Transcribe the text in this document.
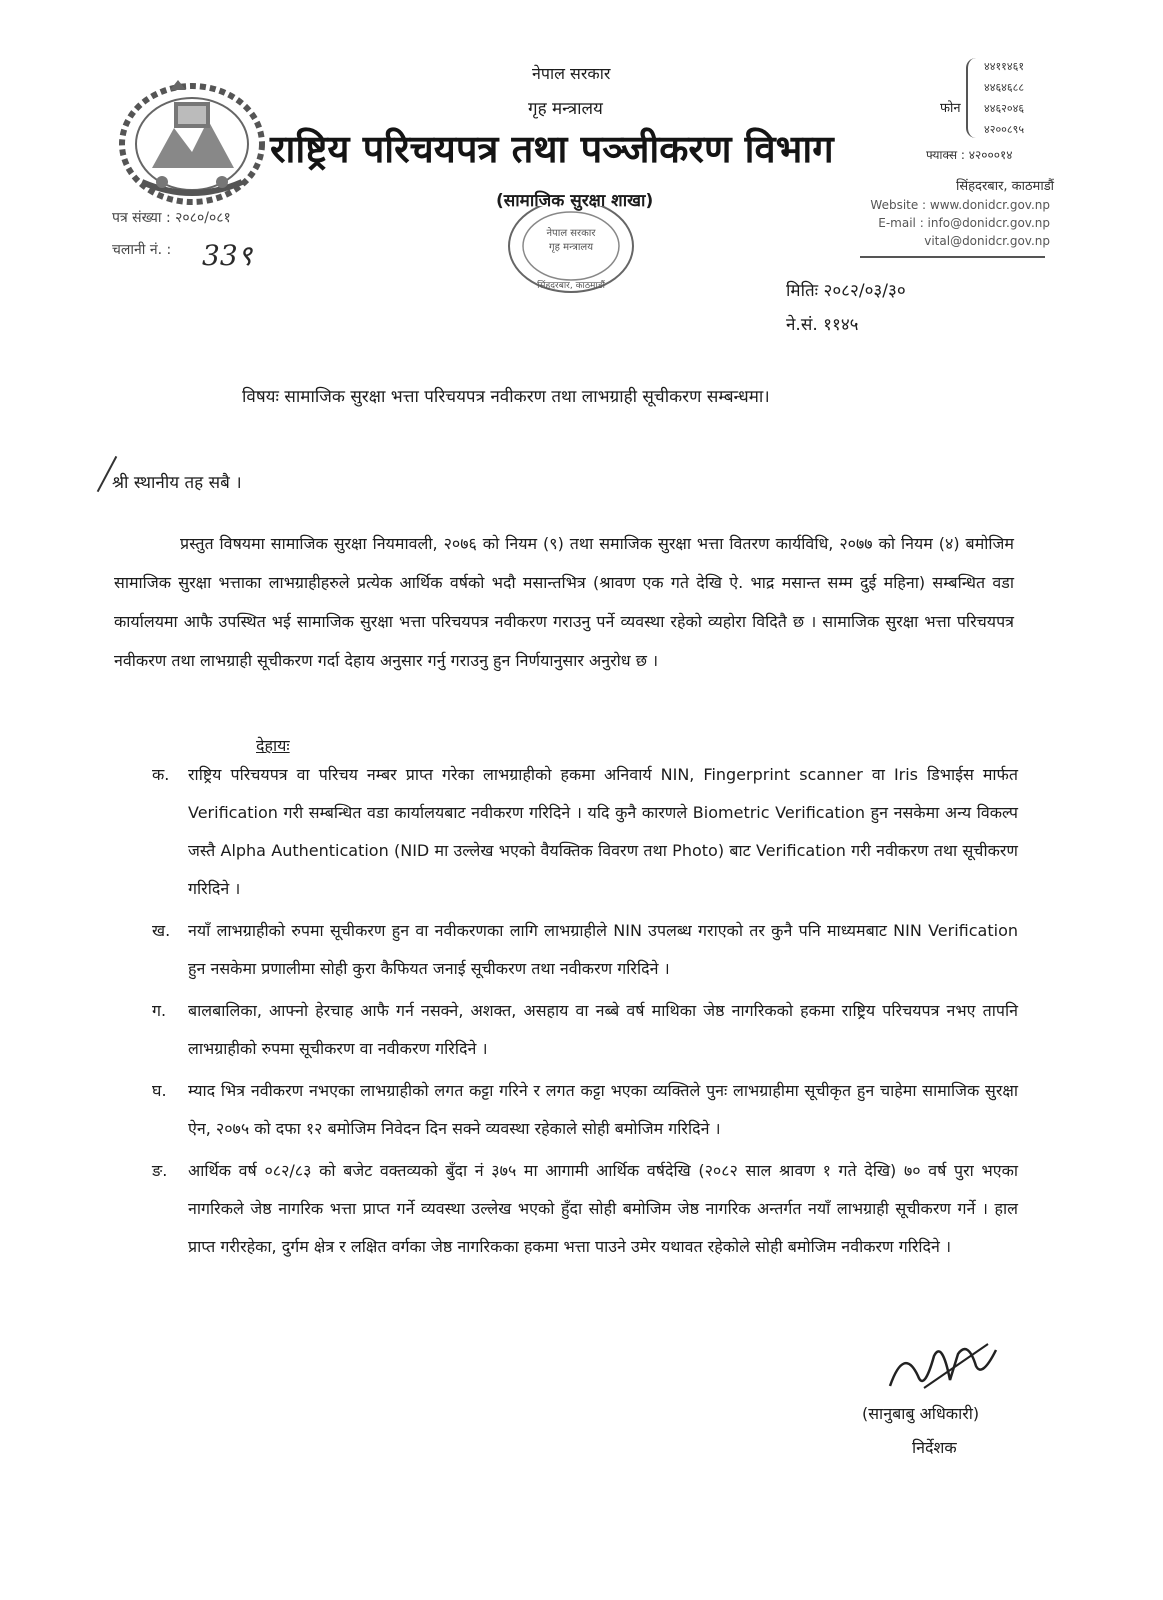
नेपाल सरकार
गृह मन्त्रालय
राष्ट्रिय परिचयपत्र तथा पञ्जीकरण विभाग
(सामाजिक सुरक्षा शाखा)
पत्र संख्या : २०८०/०८१
चलानी नं. : 33९
फोन :
४४११४६१
४४६४६८८
४४६२०४६
४२००८९५
फ्याक्स : ४२०००१४
सिंहदरबार, काठमाडौं
Website : www.donidcr.gov.np
E-mail : info@donidcr.gov.np
vital@donidcr.gov.np
नेपाल सरकार
गृह मन्त्रालय
सिंहदरबार, काठमाडौं	मितिः २०८२/०३/३०
ने.सं. ११४५
विषयः सामाजिक सुरक्षा भत्ता परिचयपत्र नवीकरण तथा लाभग्राही सूचीकरण सम्बन्धमा।
श्री स्थानीय तह सबै ।
प्रस्तुत विषयमा सामाजिक सुरक्षा नियमावली, २०७६ को नियम (९) तथा समाजिक सुरक्षा भत्ता वितरण कार्यविधि, २०७७ को नियम (४) बमोजिम सामाजिक सुरक्षा भत्ताका लाभग्राहीहरुले प्रत्येक आर्थिक वर्षको भदौ मसान्तभित्र (श्रावण एक गते देखि ऐ. भाद्र मसान्त सम्म दुई महिना) सम्बन्धित वडा कार्यालयमा आफै उपस्थित भई सामाजिक सुरक्षा भत्ता परिचयपत्र नवीकरण गराउनु पर्ने व्यवस्था रहेको व्यहोरा विदितै छ । सामाजिक सुरक्षा भत्ता परिचयपत्र नवीकरण तथा लाभग्राही सूचीकरण गर्दा देहाय अनुसार गर्नु गराउनु हुन निर्णयानुसार अनुरोध छ ।
देहायः
क.	राष्ट्रिय परिचयपत्र वा परिचय नम्बर प्राप्त गरेका लाभग्राहीको हकमा अनिवार्य NIN, Fingerprint scanner वा Iris डिभाईस मार्फत Verification गरी सम्बन्धित वडा कार्यालयबाट नवीकरण गरिदिने । यदि कुनै कारणले Biometric Verification हुन नसकेमा अन्य विकल्प जस्तै Alpha Authentication (NID मा उल्लेख भएको वैयक्तिक विवरण तथा Photo) बाट Verification गरी नवीकरण तथा सूचीकरण गरिदिने ।
ख.	नयाँ लाभग्राहीको रुपमा सूचीकरण हुन वा नवीकरणका लागि लाभग्राहीले NIN उपलब्ध गराएको तर कुनै पनि माध्यमबाट NIN Verification हुन नसकेमा प्रणालीमा सोही कुरा कैफियत जनाई सूचीकरण तथा नवीकरण गरिदिने ।
ग.	बालबालिका, आफ्नो हेरचाह आफै गर्न नसक्ने, अशक्त, असहाय वा नब्बे वर्ष माथिका जेष्ठ नागरिकको हकमा राष्ट्रिय परिचयपत्र नभए तापनि लाभग्राहीको रुपमा सूचीकरण वा नवीकरण गरिदिने ।
घ.	म्याद भित्र नवीकरण नभएका लाभग्राहीको लगत कट्टा गरिने र लगत कट्टा भएका व्यक्तिले पुनः लाभग्राहीमा सूचीकृत हुन चाहेमा सामाजिक सुरक्षा ऐन, २०७५ को दफा १२ बमोजिम निवेदन दिन सक्ने व्यवस्था रहेकाले सोही बमोजिम गरिदिने ।
ङ.	आर्थिक वर्ष ०८२/८३ को बजेट वक्तव्यको बुँदा नं ३७५ मा आगामी आर्थिक वर्षदेखि (२०८२ साल श्रावण १ गते देखि) ७० वर्ष पुरा भएका नागरिकले जेष्ठ नागरिक भत्ता प्राप्त गर्ने व्यवस्था उल्लेख भएको हुँदा सोही बमोजिम जेष्ठ नागरिक अन्तर्गत नयाँ लाभग्राही सूचीकरण गर्ने । हाल प्राप्त गरीरहेका, दुर्गम क्षेत्र र लक्षित वर्गका जेष्ठ नागरिकका हकमा भत्ता पाउने उमेर यथावत रहेकोले सोही बमोजिम नवीकरण गरिदिने ।
(सानुबाबु अधिकारी)
निर्देशक
